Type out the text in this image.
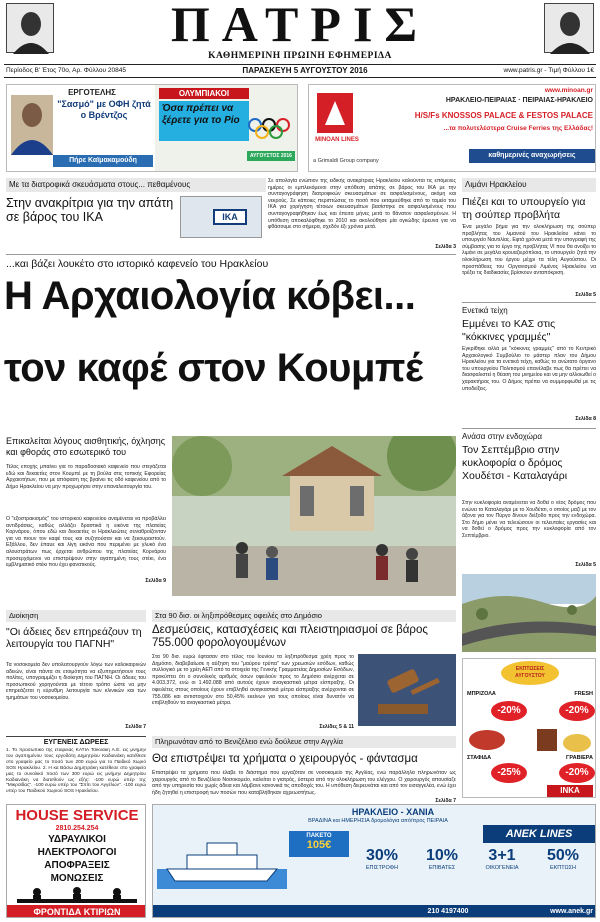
ΠΑΤΡΙΣ
ΚΑΘΗΜΕΡΙΝΗ ΠΡΩΙΝΗ ΕΦΗΜΕΡΙΔΑ
Περίοδος Β' Έτος 70ο, Αρ. Φύλλου 20845	ΠΑΡΑΣΚΕΥΗ 5 ΑΥΓΟΥΣΤΟΥ 2016	www.patris.gr - Τιμή Φύλλου 1€
ΕΡΓΟΤΕΛΗΣ
"Σασμό" με ΟΦΗ ζητά ο Βρέντζος
Πήρε Καϊμακαμούδη
ΟΛΥΜΠΙΑΚΟΙ
Όσα πρέπει να ξέρετε για το Ρίο
ΑΥΓΟΥΣΤΟΣ 2016
MINOAN LINES
a Grimaldi Group company
www.minoan.gr
ΗΡΑΚΛΕΙΟ-ΠΕΙΡΑΙΑΣ · ΠΕΙΡΑΙΑΣ-ΗΡΑΚΛΕΙΟ
H/S/Fs KNOSSOS PALACE & FESTOS PALACE
...τα πολυτελέστερα Cruise Ferries της Ελλάδας!
καθημερινές αναχωρήσεις
Με τα διατροφικά σκευάσματα στους... πεθαμένους
Στην ανακρίτρια για την απάτη σε βάρος του ΙΚΑ	ΙΚΑ
Σε απολογία ενώπιον της ειδικής ανακρίτριας Ηρακλείου καλούνται τις επόμενες ημέρες οι εμπλεκόμενοι στην υπόθεση απάτης σε βάρος του ΙΚΑ με την συνταγογράφηση διατροφικών σκευασμάτων σε ασφαλισμένους, ακόμη και νεκρούς. Σε κάποιες περιπτώσεις το ποσό που εκταμιεύθηκε από το ταμείο του ΙΚΑ για χορήγηση τέτοιων σκευασμάτων βασίστηκε σε ασφαλισμένους που συνταγογραφήθηκαν έως και έπειτα μήνες μετά το θάνατον ασφαλισμένων. Η υπόθεση αποκαλύφθηκε το 2010 και ακολούθησε μία ογκώδης έρευνα για να φθάσουμε στο σήμερα, σχεδόν έξι χρόνια μετά.
Σελίδα 3
...και βάζει λουκέτο στο ιστορικό καφενείο του Ηρακλείου
Η Αρχαιολογία κόβει...
τον καφέ στον Κουμπέ
Επικαλείται λόγους αισθητικής, όχλησης και φθοράς στο εσωτερικό του
Τέλος εποχής μπαίνει για το παραδοσιακό καφενείο που στεγάζεται εδώ και δεκαετίες στον Κουμπέ με τη βούλα στις τοπικής Εφορείας Αρχαιοτήτων, που με απόφαση της βγαίνει τις οδό καφενείου από το Δήμο Ηρακλείου να μην προχωρήσει στην επαναλειτουργία του.
Ο "εξοστρακισμός" του ιστορικού καφενείου αναμένεται να προβάλλει αντιδράσεις, καθώς αλλάζει δραστικά η εικόνα της πλατείας Κορνάρου, όπου εδώ και δεκαετίες οι Ηρακλειώτες συναθροίζονταν για να πιουν τον καφέ τους και συζητούσαν και να ξεκουραστούν. Εξάλλου, δεν έπαυε και λίγη εικόνα που περιμένει με γλυκό ένα αλουστράτων πως έρχεται ανθρώπου της πλατείας Κορνάρου προσερχόμενοι να επιστρέψουν στην αγαπημένη τους στέκι, ένα εμβληματικό στέκι που έχει φανατικούς.
Σελίδα 9
Διοίκηση
"Οι άδειες δεν επηρεάζουν τη λειτουργία του ΠΑΓΝΗ"
Τα νοσοκομεία δεν υπολειτουργούν λόγω των καλοκαιρινών αδειών, είναι πάντα σε ετοιμότητα να εξυπηρετήσουν τους πολίτες, υπογραμμίζει η διοίκηση του ΠΑΓΝΗ. Οι άδειες του προσωπικού χορηγούνται με τέτοιο τρόπο ώστε να μην επηρεάζεται η εύρυθμη λειτουργία των κλινικών και των τμημάτων του νοσοκομείου.
Σελίδα 7
ΕΥΓΕΝΕΙΣ ΔΩΡΕΕΣ
1. Το προσωπικό της εταιρείας ΚΑΤΙΑ Τσικνάκη Α.Ε. εις μνήμην του αγαπημένου τους εργοδότη Δημητρίου Καδιανάκη κατέθεσε στο γραφείο μας το ποσό των 200 ευρώ για το Παιδικό Χωριό SOS Ηρακλείου. 2. Η κα Βάσω Δημητράκη κατέθεσε στο γραφείο μας το συνολικό ποσό των 300 ευρώ εις μνήμην Δημητρίου Καδιανάκη να διατεθούν ως εξής: -100 ευρώ υπέρ της "Μικροϊδας". -100 ευρώ υπέρ του "Σπίτι του Αγγέλων". -100 ευρώ υπέρ του Παιδικού Χωριού SOS Ηρακλείου.
HOUSE SERVICE
2810.254.254
ΥΔΡΑΥΛΙΚΟΙ
ΗΛΕΚΤΡΟΛΟΓΟΙ
ΑΠΟΦΡΑΞΕΙΣ
ΜΟΝΩΣΕΙΣ
ΦΡΟΝΤΙΔΑ ΚΤΙΡΙΩΝ
Στα 90 δισ. οι ληξιπρόθεσμες οφειλές στο Δημόσιο
Δεσμεύσεις, κατασχέσεις και πλειστηριασμοί σε βάρος 755.000 φορολογουμένων
Στα 90 δισ. ευρώ έφτασαν στο τέλος του Ιουνίου τα ληξιπρόθεσμα χρέη προς το Δημόσιο, διαβεβαίωσε η αύξηση του "μαύρου τρύπα" των χρεωσιών εσόδων, καθώς συλλογικό με το χρέη ΑΕΠ από τα στοιχεία της Γενικής Γραμματείας Δημοσίων Εσόδων, προκύπτει ότι ο συνολικός αριθμός όσων οφειλούν προς το Δημόσιο ανέρχεται σε 4.003.372, ενώ οι 1.492.088 από αυτούς έχουν αναγκαστικά μέτρα είσπραξης. Οι οφειλέτες στους οποίους έχουν επιβληθεί αναγκαστικά μέτρα είσπραξης ανέρχονται σε 755.086 και αντιστοιχούν στο 50,45% εκείνων για τους οποίους είναι δυνατόν να επιβληθούν τα αναγκαστικά μέτρα.
Σελίδες 5 & 11
Πληρωνόταν από το Βενιζέλειο ενώ δούλευε στην Αγγλία
Θα επιστρέψει τα χρήματα ο χειρουργός - φάντασμα
Επιστρέψει τα χρήματα που έλαβε το διάστημα που εργαζόταν σε νοσοκομείο της Αγγλίας, ενώ παράλληλα πληρωνόταν ως χειρουργός από το Βενιζέλειο Νοσοκομείο, καλείται ο γιατρός, ύστερα από την ολοκλήρωση του ελέγχου. Ο χειρουργός απουσίαζε από την υπηρεσία του χωρίς άδεια και λάμβανε κανονικά τις αποδοχές του. Η υπόθεση διερευνάται και από τον εισαγγελέα, ενώ έχει ήδη ζητηθεί η επιστροφή των ποσών που καταβλήθηκαν αχρεωστήτως.
Σελίδα 7
Λιμάνι Ηρακλείου
Πιέζει και το υπουργείο για τη σούπερ προβλήτα
Ένα μεγάλο βήμα για την ολοκλήρωση της σούπερ προβλήτας του λιμανιού του Ηρακλείου κάνει το υπουργείο Ναυτιλίας. Εφτά χρόνια μετά την υπογραφή της σύμβασης για το έργο της προβλήτας VI που θα ανοίξει το λιμάνι σε μεγάλα κρουαζιερόπλοια, το υπουργείο ζητά την ολοκλήρωση του έργου μέχρι τα τέλη Αυγούστου. Οι προσπάθειες του Οργανισμού Λιμένος Ηρακλείου να τρέξει τις διαδικασίες βρίσκουν ανταπόκριση.
Σελίδα 5
Ενετικά τείχη
Εμμένει το ΚΑΣ στις "κόκκινες γραμμές"
Εγκρίθηκε αλλά με "κόκκινες γραμμές" από το Κεντρικό Αρχαιολογικό Συμβούλιο το μάστερ πλαν του Δήμου Ηρακλείου για τα ενετικά τείχη, καθώς το ανώτατο όργανο του υπουργείου Πολιτισμού επανέλαβε πως θα πρέπει να διασφαλιστεί η θέαση του μνημείου και να μην αλλοιωθεί ο χαρακτήρας του. Ο Δήμος πρέπει να συμμορφωθεί με τις υποδείξεις.
Σελίδα 8
Ανάσα στην ενδοχώρα
Τον Σεπτέμβριο στην κυκλοφορία ο δρόμος Χουδέτσι - Καταλαγάρι
Στην κυκλοφορία αναμένεται να δοθεί ο νέος δρόμος που ενώνει το Καταλαγάρι με το Χουδέτσι, ο οποίος μαζί με τον άξονα για τον Πύργο δίνουν διέξοδο προς την ενδοχώρα. Στο δήμο μένει να τελειώσουν οι τελευταίες εργασίες και να δοθεί ο δρόμος προς την κυκλοφορία από τον Σεπτέμβριο.
Σελίδα 5
ΕΚΠΤΩΣΕΙΣ ΑΥΓΟΥΣΤΟΥ
ΜΠΡΙΖΟΛΑ
-20%
FRESH
-20%
ΣΤΑΦΙΔΑ
-25%
ΓΡΑΒΙΕΡΑ
-20%
INKA
ΗΡΑΚΛΕΙΟ - ΧΑΝΙΑ
ΒΡΑΔΙΝΑ και ΗΜΕΡΗΣΙΑ δρομολόγια από/προς ΠΕΙΡΑΙΑ
ANEK LINES
ΠΑΚΕΤΟ
105€
30%
ΕΠΙΣΤΡΟΦΗ
10%
ΕΠΙΒΑΤΕΣ
3+1
ΟΙΚΟΓΕΝΕΙΑ
50%
ΕΚΠΤΩΣΗ
210 4197400	www.anek.gr
